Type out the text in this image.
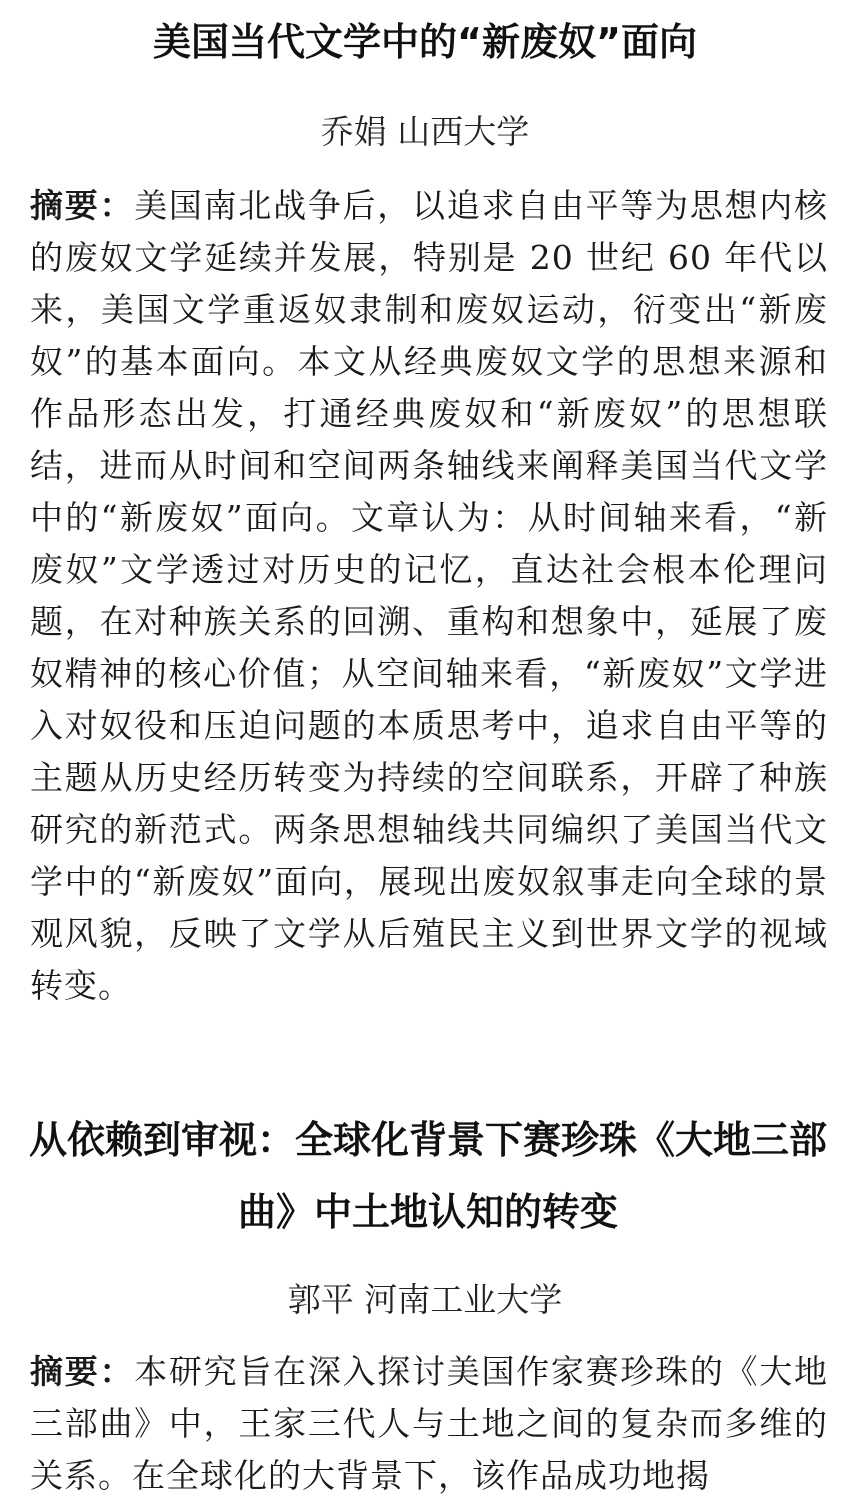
美国当代文学中的“新废奴”面向

乔娟 山西大学

摘要：美国南北战争后，以追求自由平等为思想内核的废奴文学延续并发展，特别是 20 世纪 60 年代以来，美国文学重返奴隶制和废奴运动，衍变出“新废奴”的基本面向。本文从经典废奴文学的思想来源和作品形态出发，打通经典废奴和“新废奴”的思想联结，进而从时间和空间两条轴线来阐释美国当代文学中的“新废奴”面向。文章认为：从时间轴来看，“新废奴”文学透过对历史的记忆，直达社会根本伦理问题，在对种族关系的回溯、重构和想象中，延展了废奴精神的核心价值；从空间轴来看，“新废奴”文学进入对奴役和压迫问题的本质思考中，追求自由平等的主题从历史经历转变为持续的空间联系，开辟了种族研究的新范式。两条思想轴线共同编织了美国当代文学中的“新废奴”面向，展现出废奴叙事走向全球的景观风貌，反映了文学从后殖民主义到世界文学的视域转变。

从依赖到审视：全球化背景下赛珍珠《大地三部曲》中土地认知的转变

郭平 河南工业大学

摘要：本研究旨在深入探讨美国作家赛珍珠的《大地三部曲》中，王家三代人与土地之间的复杂而多维的关系。在全球化的大背景下，该作品成功地揭
